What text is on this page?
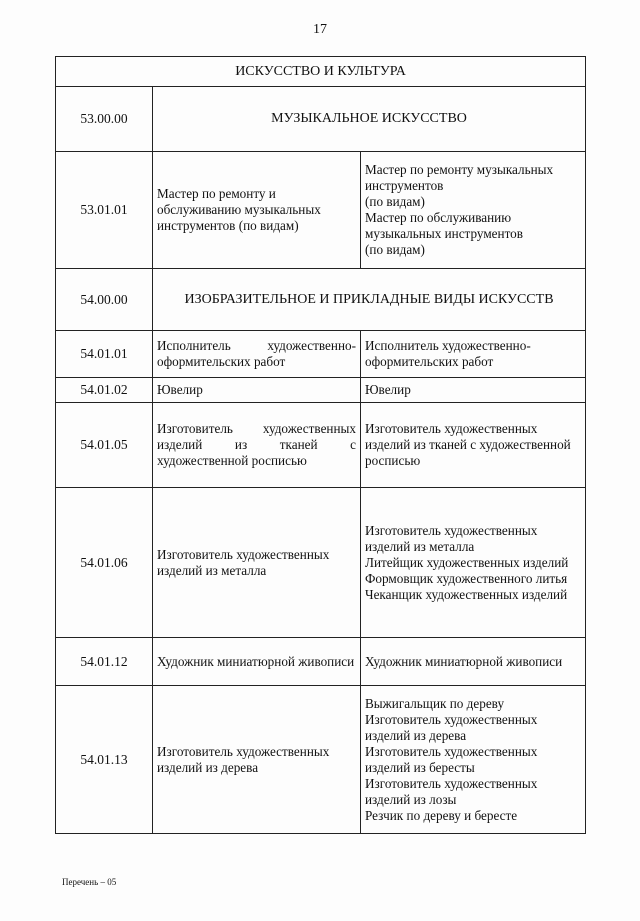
17
ИСКУССТВО И КУЛЬТУРА		
53.00.00	МУЗЫКАЛЬНОЕ ИСКУССТВО	
53.01.01	Мастер по ремонту и обслуживанию музыкальных инструментов (по видам)	Мастер по ремонту музыкальных инструментов
(по видам)
Мастер по обслуживанию музыкальных инструментов
(по видам)

54.00.00	ИЗОБРАЗИТЕЛЬНОЕ И ПРИКЛАДНЫЕ ВИДЫ ИСКУССТВ	
54.01.01	Исполнитель художественно-оформительских работ	Исполнитель художественно-оформительских работ

54.01.02	Ювелир	Ювелир

54.01.05	Изготовитель художественных изделий из тканей с художественной росписью	Изготовитель художественных изделий из тканей с художественной росписью

54.01.06	Изготовитель художественных изделий из металла	Изготовитель художественных изделий из металла
Литейщик художественных изделий
Формовщик художественного литья
Чеканщик художественных изделий

54.01.12	Художник миниатюрной живописи	Художник миниатюрной живописи

54.01.13	Изготовитель художественных изделий из дерева	Выжигальщик по дереву
Изготовитель художественных изделий из дерева
Изготовитель художественных изделий из бересты
Изготовитель художественных изделий из лозы
Резчик по дереву и бересте
Перечень – 05
